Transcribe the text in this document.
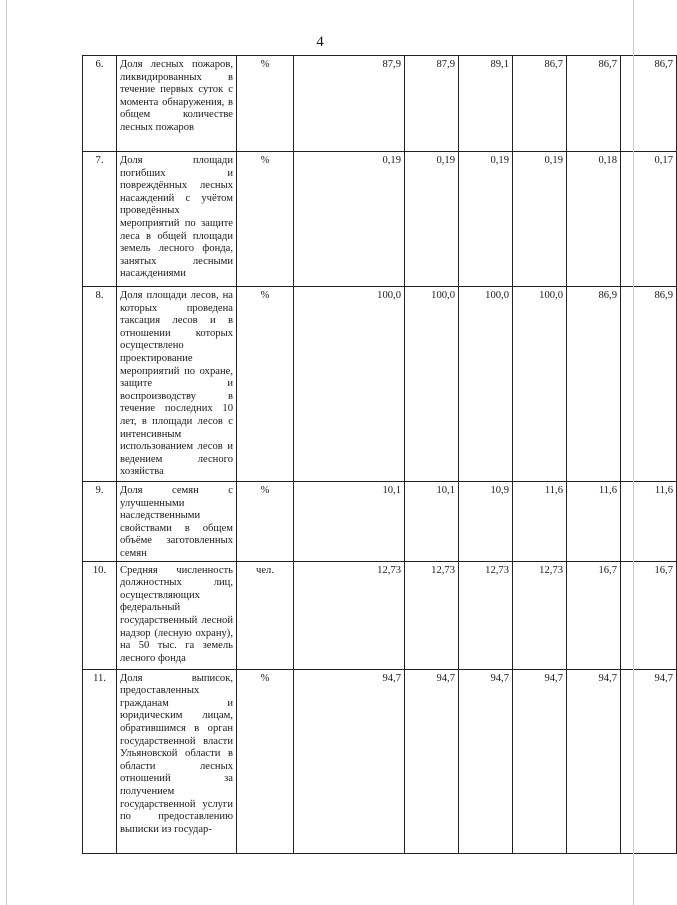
4
6.	Доля лесных пожаров, ликвидированных в течение первых суток с момента обнаружения, в общем количестве лесных пожаров	%	87,9	87,9	89,1	86,7	86,7	86,7
7.	Доля площади погибших и повреждённых лесных насаждений с учётом проведённых мероприятий по защите леса в общей площади земель лесного фонда, занятых лесными насаждениями	%	0,19	0,19	0,19	0,19	0,18	0,17
8.	Доля площади лесов, на которых проведена таксация лесов и в отношении которых осуществлено проектирование мероприятий по охране, защите и воспроизводству в течение последних 10 лет, в площади лесов с интенсивным использованием лесов и ведением лесного хозяйства	%	100,0	100,0	100,0	100,0	86,9	86,9
9.	Доля семян с улучшенными наследственными свойствами в общем объёме заготовленных семян	%	10,1	10,1	10,9	11,6	11,6	11,6
10.	Средняя численность должностных лиц, осуществляющих федеральный государственный лесной надзор (лесную охрану), на 50 тыс. га земель лесного фонда	чел.	12,73	12,73	12,73	12,73	16,7	16,7
11.	Доля выписок, предоставленных гражданам и юридическим лицам, обратившимся в орган государственной власти Ульяновской области в области лесных отношений за получением государственной услуги по предоставлению выписки из государ-	%	94,7	94,7	94,7	94,7	94,7	94,7
